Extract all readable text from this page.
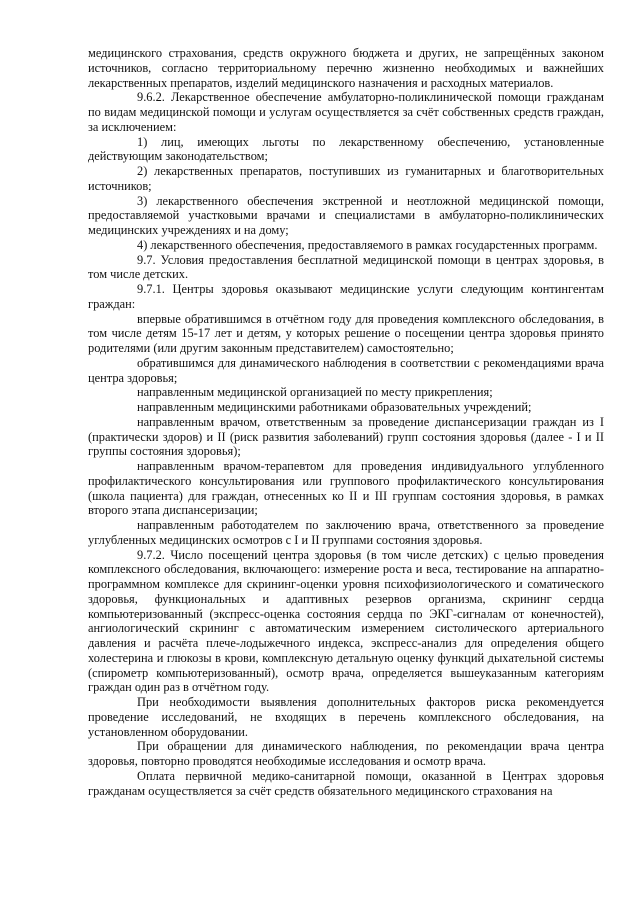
медицинского страхования, средств окружного бюджета и других, не запрещённых законом источников, согласно территориальному перечню жизненно необходимых и важнейших лекарственных препаратов, изделий медицинского назначения и расходных материалов.

9.6.2. Лекарственное обеспечение амбулаторно-поликлинической помощи гражданам по видам медицинской помощи и услугам осуществляется за счёт собственных средств граждан, за исключением:

1) лиц, имеющих льготы по лекарственному обеспечению, установленные действующим законодательством;

2) лекарственных препаратов, поступивших из гуманитарных и благотворительных источников;

3) лекарственного обеспечения экстренной и неотложной медицинской помощи, предоставляемой участковыми врачами и специалистами в амбулаторно-поликлинических медицинских учреждениях и на дому;

4) лекарственного обеспечения, предоставляемого в рамках государстенных программ.

9.7. Условия предоставления бесплатной медицинской помощи в центрах здоровья, в том числе детских.

9.7.1. Центры здоровья оказывают медицинские услуги следующим контингентам граждан:

впервые обратившимся в отчётном году для проведения комплексного обследования, в том числе детям 15-17 лет и детям, у которых решение о посещении центра здоровья принято родителями (или другим законным представителем) самостоятельно;

обратившимся для динамического наблюдения в соответствии с рекомендациями врача центра здоровья;

направленным медицинской организацией по месту прикрепления;

направленным медицинскими работниками образовательных учреждений;

направленным врачом, ответственным за проведение диспансеризации граждан из I (практически здоров) и II (риск развития заболеваний) групп состояния здоровья (далее - I и II группы состояния здоровья);

направленным врачом-терапевтом для проведения индивидуального углубленного профилактического консультирования или группового профилактического консультирования (школа пациента) для граждан, отнесенных ко II и III группам состояния здоровья, в рамках второго этапа диспансеризации;

направленным работодателем по заключению врача, ответственного за проведение углубленных медицинских осмотров с I и II группами состояния здоровья.

9.7.2. Число посещений центра здоровья (в том числе детских) с целью проведения комплексного обследования, включающего: измерение роста и веса, тестирование на аппаратно-программном комплексе для скрининг-оценки уровня психофизиологического и соматического здоровья, функциональных и адаптивных резервов организма, скрининг сердца компьютеризованный (экспресс-оценка состояния сердца по ЭКГ-сигналам от конечностей), ангиологический скрининг с автоматическим измерением систолического артериального давления и расчёта плече-лодыжечного индекса, экспресс-анализ для определения общего холестерина и глюкозы в крови, комплексную детальную оценку функций дыхательной системы (спирометр компьютеризованный), осмотр врача, определяется вышеуказанным категориям граждан один раз в отчётном году.

При необходимости выявления дополнительных факторов риска рекомендуется проведение исследований, не входящих в перечень комплексного обследования, на установленном оборудовании.

При обращении для динамического наблюдения, по рекомендации врача центра здоровья, повторно проводятся необходимые исследования и осмотр врача.

Оплата первичной медико-санитарной помощи, оказанной в Центрах здоровья гражданам осуществляется за счёт средств обязательного медицинского страхования на
